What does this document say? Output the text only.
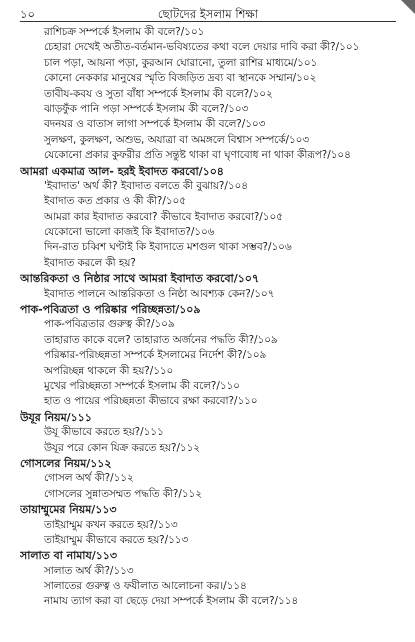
১০	ছোটদের ইসলাম শিক্ষা
রাশিচক্র সম্পর্কে ইসলাম কী বলে?/১০১
চেহারা দেখেই অতীত-বর্তমান-ভবিষ্যতের কথা বলে দেয়ার দাবি করা কী?/১০১
চাল পড়া, আয়না পড়া, কুরআন ঘোরানো, তুলা রাশির মাধ্যমে/১০১
কোনো নেককার মানুষের স্মৃতি বিজড়িত দ্রব্য বা স্থানকে সম্মান/১০২
তাবীয-কবয ও সুতা বাঁধা সম্পর্কে ইসলাম কী বলে?/১০২
ঝাড়ফুঁক পানি পড়া সম্পর্কে ইসলাম কী বলে?/১০৩
বদনযর ও বাতাস লাগা সম্পর্কে ইসলাম কী বলে?/১০৩
সুলক্ষণ, কুলক্ষণ, অশুভ, অযাত্রা বা অমঙ্গলে বিশ্বাস সম্পর্কে/১০৩
যেকোনো প্রকার কুফরীর প্রতি সন্তুষ্ট থাকা বা ঘৃণাবোধ না থাকা কীরূপ?/১০৪
আমরা একমাত্র আল- হর‌ই ইবাদত করবো/১০৪
'ইবাদাত' অর্থ কী? ইবাদাত বলতে কী বুঝায়?/১০৪
ইবাদাত কত প্রকার ও কী কী?/১০৫
আমরা কার ইবাদাত করবো? কীভাবে ইবাদাত করবো?/১০৫
যেকোনো ভালো কাজই কি ইবাদাত?/১০৬
দিন-রাত চব্বিশ ঘণ্টাই কি ইবাদাতে মশগুল থাকা সম্ভব?/১০৬
ইবাদাত করলে কী হয়?
আন্তরিকতা ও নিষ্ঠার সাথে আমরা ইবাদাত করবো/১০৭
ইবাদাত পালনে আন্তরিকতা ও নিষ্ঠা আবশ্যক কেন?/১০৭
পাক-পবিত্রতা ও পরিষ্কার পরিচ্ছন্নতা/১০৯
পাক-পবিত্রতার গুরুত্ব কী?/১০৯
তাহারাত কাকে বলে? তাহারাত অর্জনের পদ্ধতি কী?/১০৯
পরিষ্কার-পরিচ্ছন্নতা সম্পর্কে ইসলামের নির্দেশ কী?/১০৯
অপরিচ্ছন্ন থাকলে কী হয়?/১১০
মুখের পরিচ্ছন্নতা সম্পর্কে ইসলাম কী বলে?/১১০
হাত ও পায়ের পরিচ্ছন্নতা কীভাবে রক্ষা করবো?/১১০
উযূর নিয়ম/১১১
উযূ কীভাবে করতে হয়?/১১১
উযূর পরে কোন যিক্র করতে হয়?/১১২
গোসলের নিয়ম/১১২
গোসল অর্থ কী?/১১২
গোসলের সুন্নাতসম্মত পদ্ধতি কী?/১১২
তায়াম্মুমের নিয়ম/১১৩
তাইয়াম্মুম কখন করতে হয়?/১১৩
তাইয়াম্মুম কীভাবে করতে হয়?/১১৩
সালাত বা নামায/১১৩
সালাত অর্থ কী?/১১৩
সালাতের গুরুত্ব ও ফযীলাত আলোচনা কর।/১১৪
নামায ত্যাগ করা বা ছেড়ে দেয়া সম্পর্কে ইসলাম কী বলে?/১১৪
